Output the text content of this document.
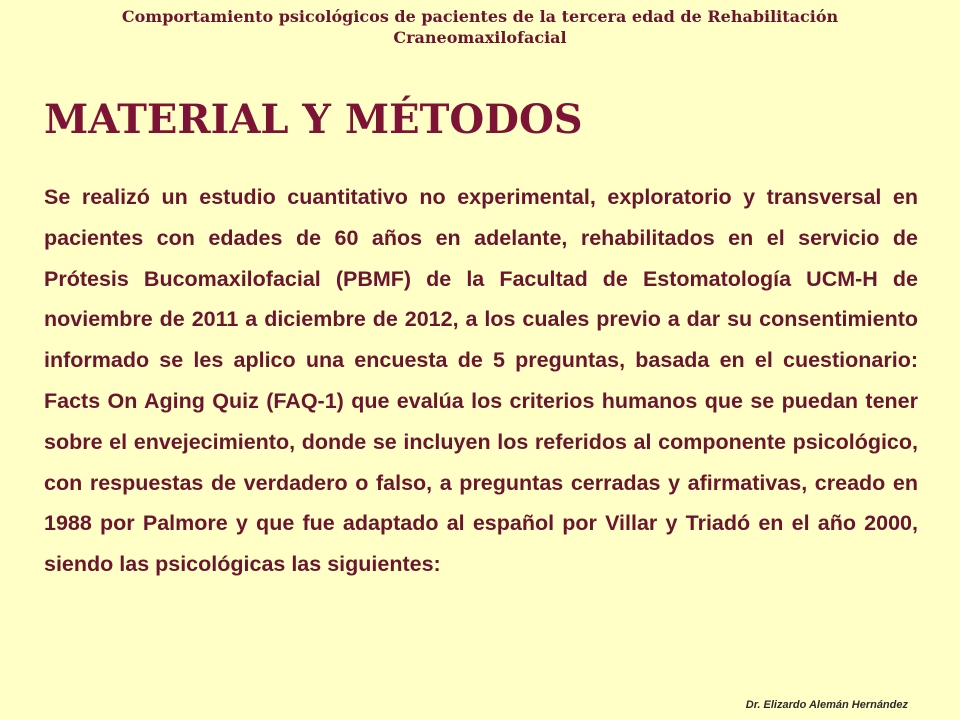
Comportamiento psicológicos de pacientes de la tercera edad de Rehabilitación Craneomaxilofacial
MATERIAL Y MÉTODOS

Se realizó un estudio cuantitativo no experimental, exploratorio y transversal en pacientes con edades de 60 años en adelante, rehabilitados en el servicio de Prótesis Bucomaxilofacial (PBMF) de la Facultad de Estomatología UCM-H de noviembre de 2011 a diciembre de 2012, a los cuales previo a dar su consentimiento informado se les aplico una encuesta de 5 preguntas, basada en el cuestionario: Facts On Aging Quiz (FAQ-1) que evalúa los criterios humanos que se puedan tener sobre el envejecimiento, donde se incluyen los referidos al componente psicológico, con respuestas de verdadero o falso, a preguntas cerradas y afirmativas, creado en 1988 por Palmore y que fue adaptado al español por Villar y Triadó en el año 2000, siendo las psicológicas las siguientes:

Dr. Elizardo Alemán Hernández
